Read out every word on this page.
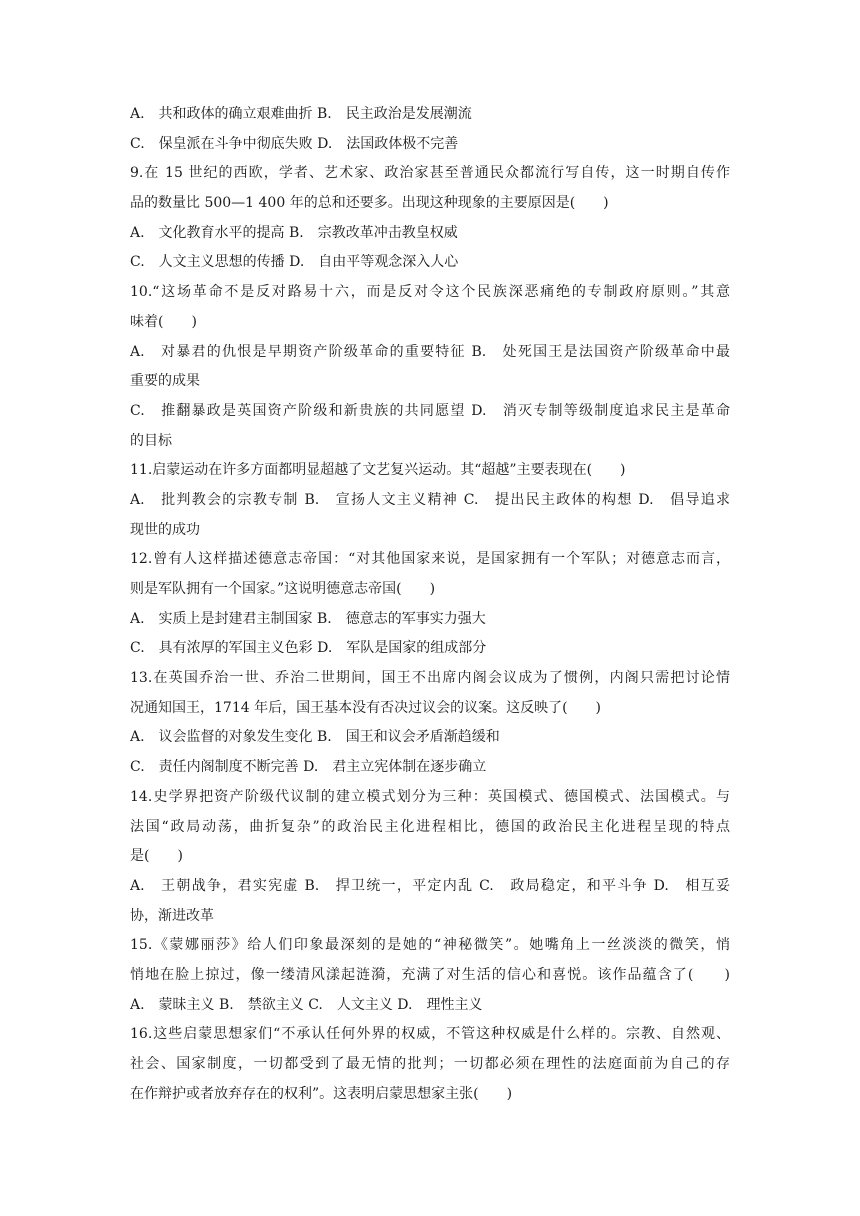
A.　共和政体的确立艰难曲折 B.　民主政治是发展潮流
C.　保皇派在斗争中彻底失败 D.　法国政体极不完善
9.在 15 世纪的西欧，学者、艺术家、政治家甚至普通民众都流行写自传，这一时期自传作
品的数量比 500—1 400 年的总和还要多。出现这种现象的主要原因是(　　)
A.　文化教育水平的提高 B.　宗教改革冲击教皇权威
C.　人文主义思想的传播 D.　自由平等观念深入人心
10.“这场革命不是反对路易十六，而是反对令这个民族深恶痛绝的专制政府原则。”其意
味着(　　)
A.　对暴君的仇恨是早期资产阶级革命的重要特征 B.　处死国王是法国资产阶级革命中最
重要的成果
C.　推翻暴政是英国资产阶级和新贵族的共同愿望 D.　消灭专制等级制度追求民主是革命
的目标
11.启蒙运动在许多方面都明显超越了文艺复兴运动。其“超越”主要表现在(　　)
A.　批判教会的宗教专制 B.　宣扬人文主义精神 C.　提出民主政体的构想 D.　倡导追求
现世的成功
12.曾有人这样描述德意志帝国：“对其他国家来说，是国家拥有一个军队；对德意志而言，
则是军队拥有一个国家。”这说明德意志帝国(　　)
A.　实质上是封建君主制国家 B.　德意志的军事实力强大
C.　具有浓厚的军国主义色彩 D.　军队是国家的组成部分
13.在英国乔治一世、乔治二世期间，国王不出席内阁会议成为了惯例，内阁只需把讨论情
况通知国王，1714 年后，国王基本没有否决过议会的议案。这反映了(　　)
A.　议会监督的对象发生变化 B.　国王和议会矛盾渐趋缓和
C.　责任内阁制度不断完善 D.　君主立宪体制在逐步确立
14.史学界把资产阶级代议制的建立模式划分为三种：英国模式、德国模式、法国模式。与
法国“政局动荡，曲折复杂”的政治民主化进程相比，德国的政治民主化进程呈现的特点
是(　　)
A.　王朝战争，君实宪虚 B.　捍卫统一，平定内乱 C.　政局稳定，和平斗争 D.　相互妥
协，渐进改革
15.《蒙娜丽莎》给人们印象最深刻的是她的“神秘微笑”。她嘴角上一丝淡淡的微笑，悄
悄地在脸上掠过，像一缕清风漾起涟漪，充满了对生活的信心和喜悦。该作品蕴含了(　　)
A.　蒙昧主义 B.　禁欲主义 C.　人文主义 D.　理性主义
16.这些启蒙思想家们“不承认任何外界的权威，不管这种权威是什么样的。宗教、自然观、
社会、国家制度，一切都受到了最无情的批判；一切都必须在理性的法庭面前为自己的存
在作辩护或者放弃存在的权利”。这表明启蒙思想家主张(　　)
